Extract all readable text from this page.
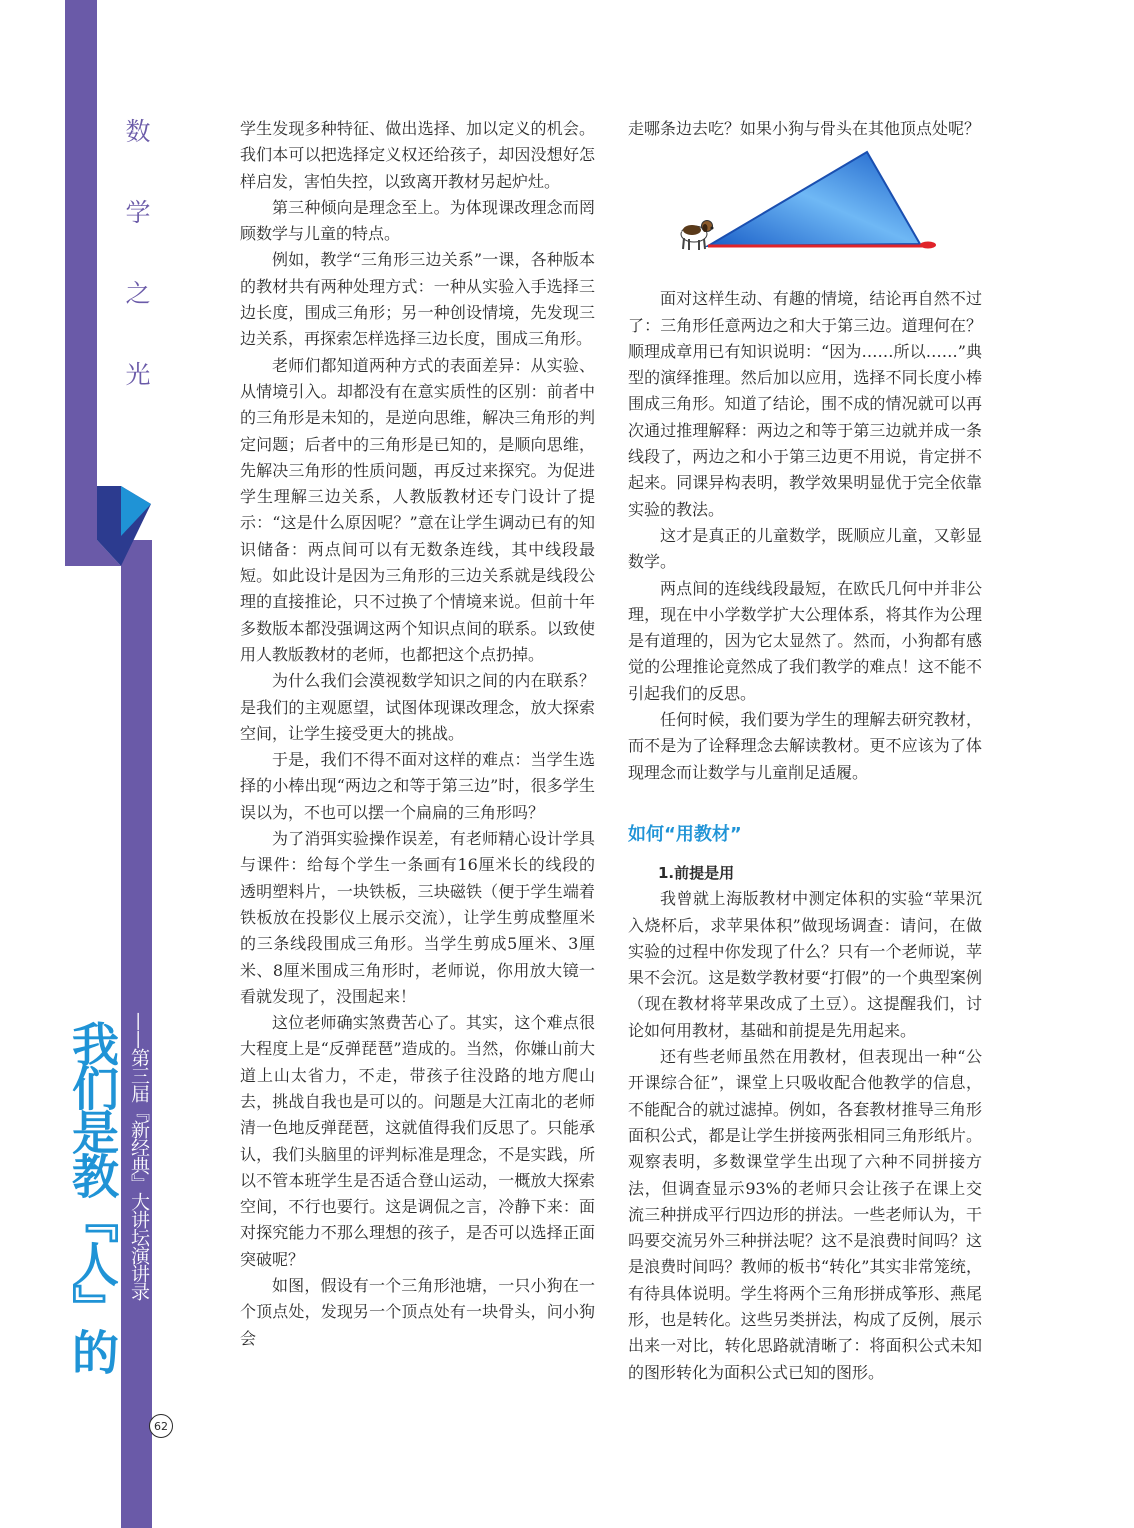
数
学
之
光
我们是教『人』的 ——第三届『新经典』大讲坛演讲录
62

学生发现多种特征、做出选择、加以定义的机会。我们本可以把选择定义权还给孩子，却因没想好怎样启发，害怕失控，以致离开教材另起炉灶。

第三种倾向是理念至上。为体现课改理念而罔顾数学与儿童的特点。

例如，教学“三角形三边关系”一课，各种版本的教材共有两种处理方式：一种从实验入手选择三边长度，围成三角形；另一种创设情境，先发现三边关系，再探索怎样选择三边长度，围成三角形。

老师们都知道两种方式的表面差异：从实验、从情境引入。却都没有在意实质性的区别：前者中的三角形是未知的，是逆向思维，解决三角形的判定问题；后者中的三角形是已知的，是顺向思维，先解决三角形的性质问题，再反过来探究。为促进学生理解三边关系，人教版教材还专门设计了提示：“这是什么原因呢？”意在让学生调动已有的知识储备：两点间可以有无数条连线，其中线段最短。如此设计是因为三角形的三边关系就是线段公理的直接推论，只不过换了个情境来说。但前十年多数版本都没强调这两个知识点间的联系。以致使用人教版教材的老师，也都把这个点扔掉。

为什么我们会漠视数学知识之间的内在联系？是我们的主观愿望，试图体现课改理念，放大探索空间，让学生接受更大的挑战。

于是，我们不得不面对这样的难点：当学生选择的小棒出现“两边之和等于第三边”时，很多学生误以为，不也可以摆一个扁扁的三角形吗？

为了消弭实验操作误差，有老师精心设计学具与课件：给每个学生一条画有16厘米长的线段的透明塑料片，一块铁板，三块磁铁（便于学生端着铁板放在投影仪上展示交流），让学生剪成整厘米的三条线段围成三角形。当学生剪成5厘米、3厘米、8厘米围成三角形时，老师说，你用放大镜一看就发现了，没围起来！

这位老师确实煞费苦心了。其实，这个难点很大程度上是“反弹琵琶”造成的。当然，你嫌山前大道上山太省力，不走，带孩子往没路的地方爬山去，挑战自我也是可以的。问题是大江南北的老师清一色地反弹琵琶，这就值得我们反思了。只能承认，我们头脑里的评判标准是理念，不是实践，所以不管本班学生是否适合登山运动，一概放大探索空间，不行也要行。这是调侃之言，冷静下来：面对探究能力不那么理想的孩子，是否可以选择正面突破呢？

如图，假设有一个三角形池塘，一只小狗在一个顶点处，发现另一个顶点处有一块骨头，问小狗会

走哪条边去吃？如果小狗与骨头在其他顶点处呢？

面对这样生动、有趣的情境，结论再自然不过了：三角形任意两边之和大于第三边。道理何在？顺理成章用已有知识说明：“因为……所以……”典型的演绎推理。然后加以应用，选择不同长度小棒围成三角形。知道了结论，围不成的情况就可以再次通过推理解释：两边之和等于第三边就并成一条线段了，两边之和小于第三边更不用说，肯定拼不起来。同课异构表明，教学效果明显优于完全依靠实验的教法。

这才是真正的儿童数学，既顺应儿童，又彰显数学。

两点间的连线线段最短，在欧氏几何中并非公理，现在中小学数学扩大公理体系，将其作为公理是有道理的，因为它太显然了。然而，小狗都有感觉的公理推论竟然成了我们教学的难点！这不能不引起我们的反思。

任何时候，我们要为学生的理解去研究教材，而不是为了诠释理念去解读教材。更不应该为了体现理念而让数学与儿童削足适履。

如何“用教材”

1.前提是用

我曾就上海版教材中测定体积的实验“苹果沉入烧杯后，求苹果体积”做现场调查：请问，在做实验的过程中你发现了什么？只有一个老师说，苹果不会沉。这是数学教材要“打假”的一个典型案例（现在教材将苹果改成了土豆）。这提醒我们，讨论如何用教材，基础和前提是先用起来。

还有些老师虽然在用教材，但表现出一种“公开课综合征”，课堂上只吸收配合他教学的信息，不能配合的就过滤掉。例如，各套教材推导三角形面积公式，都是让学生拼接两张相同三角形纸片。观察表明，多数课堂学生出现了六种不同拼接方法，但调查显示93%的老师只会让孩子在课上交流三种拼成平行四边形的拼法。一些老师认为，干吗要交流另外三种拼法呢？这不是浪费时间吗？这是浪费时间吗？教师的板书“转化”其实非常笼统，有待具体说明。学生将两个三角形拼成筝形、燕尾形，也是转化。这些另类拼法，构成了反例，展示出来一对比，转化思路就清晰了：将面积公式未知的图形转化为面积公式已知的图形。
